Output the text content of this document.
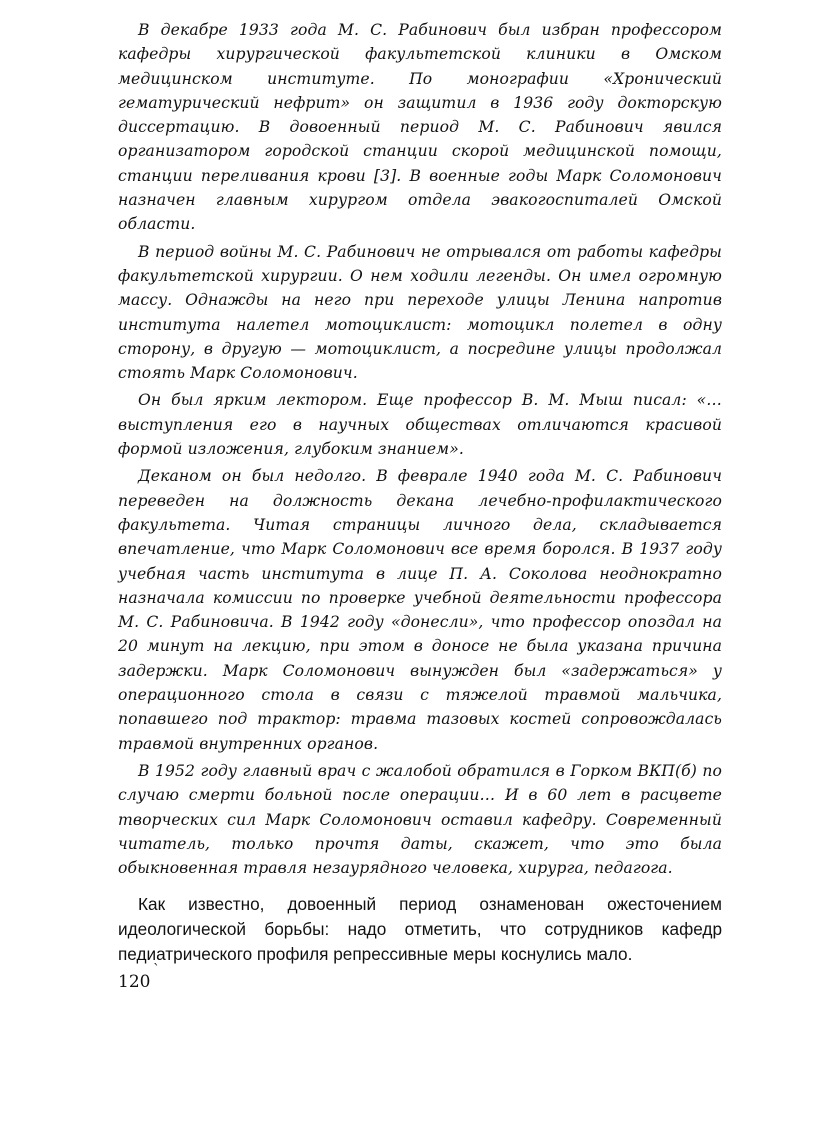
В декабре 1933 года М. С. Рабинович был избран профессором кафедры хирургической факультетской клиники в Омском медицинском институте. По монографии «Хронический гематурический нефрит» он защитил в 1936 году докторскую диссертацию. В довоенный период М. С. Рабинович явился организатором городской станции скорой медицинской помощи, станции переливания крови [3]. В военные годы Марк Соломонович назначен главным хирургом отдела эвакогоспиталей Омской области.

В период войны М. С. Рабинович не отрывался от работы кафедры факультетской хирургии. О нем ходили легенды. Он имел огромную массу. Однажды на него при переходе улицы Ленина напротив института налетел мотоциклист: мотоцикл полетел в одну сторону, в другую — мотоциклист, а посредине улицы продолжал стоять Марк Соломонович.

Он был ярким лектором. Еще профессор В. М. Мыш писал: «…выступления его в научных обществах отличаются красивой формой изложения, глубоким знанием».

Деканом он был недолго. В феврале 1940 года М. С. Рабинович переведен на должность декана лечебно-профилактического факультета. Читая страницы личного дела, складывается впечатление, что Марк Соломонович все время боролся. В 1937 году учебная часть института в лице П. А. Соколова неоднократно назначала комиссии по проверке учебной деятельности профессора М. С. Рабиновича. В 1942 году «донесли», что профессор опоздал на 20 минут на лекцию, при этом в доносе не была указана причина задержки. Марк Соломонович вынужден был «задержаться» у операционного стола в связи с тяжелой травмой мальчика, попавшего под трактор: травма тазовых костей сопровождалась травмой внутренних органов.

В 1952 году главный врач с жалобой обратился в Горком ВКП(б) по случаю смерти больной после операции… И в 60 лет в расцвете творческих сил Марк Соломонович оставил кафедру. Современный читатель, только прочтя даты, скажет, что это была обыкновенная травля незаурядного человека, хирурга, педагога.

Как известно, довоенный период ознаменован ожесточением идеологической борьбы: надо отметить, что сотрудников кафедр педиатрического профиля репрессивные меры коснулись мало.

120
`
